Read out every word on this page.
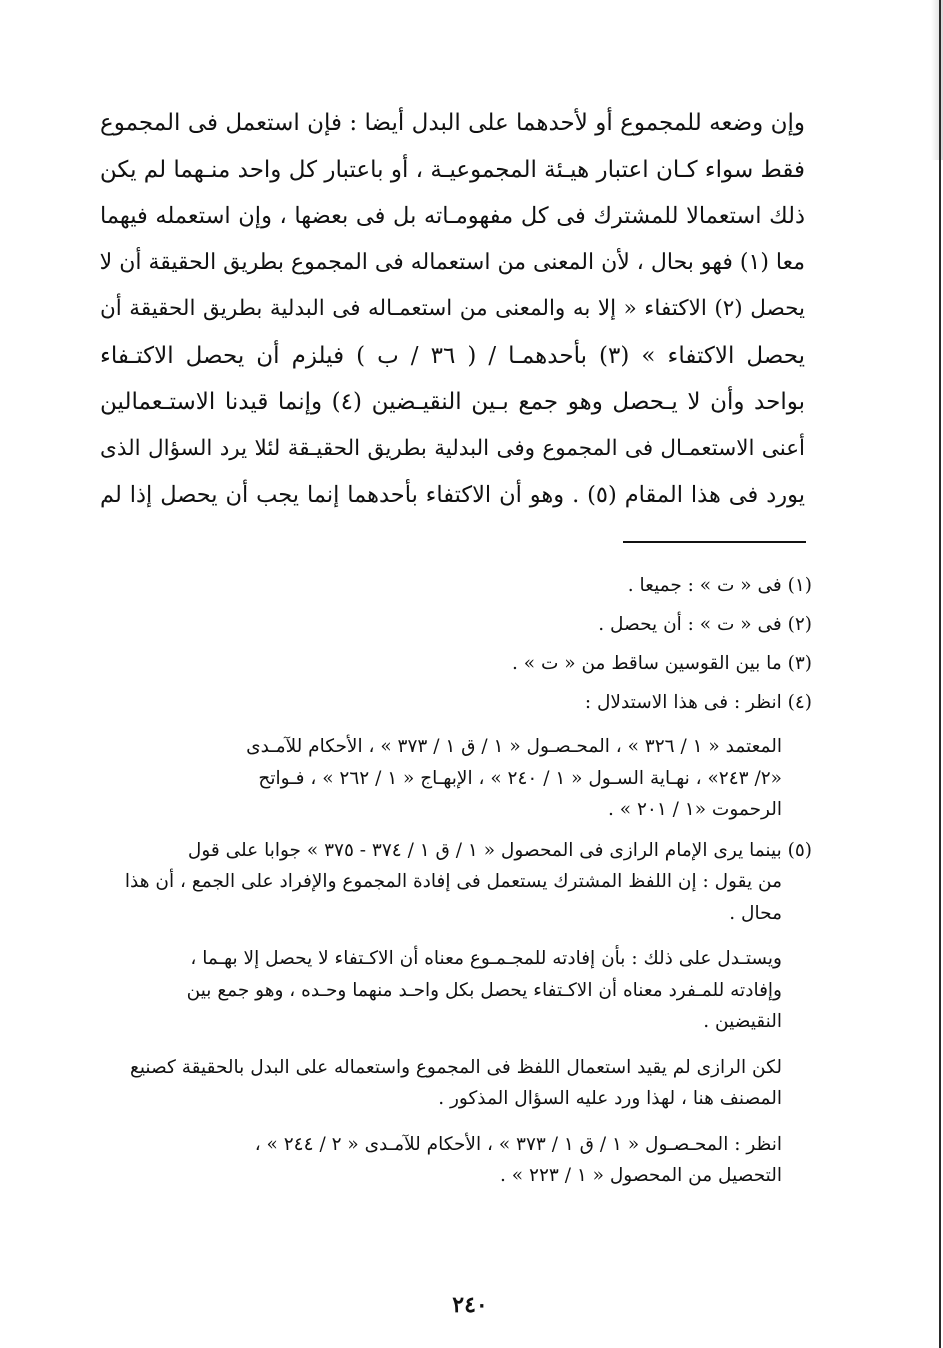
وإن وضعه للمجموع أو لأحدهما على البدل أيضا : فإن استعمل فى المجموع
فقط سواء كـان اعتبار هيـئة المجموعيـة ، أو باعتبار كل واحد منـهما لم يكن
ذلك استعمالا للمشترك فى كل مفهومـاته بل فى بعضها ، وإن استعمله فيهما
معا (١) فهو بحال ، لأن المعنى من استعماله فى المجموع بطريق الحقيقة أن لا
يحصل (٢) الاكتفاء « إلا به والمعنى من استعمـاله فى البدلية بطريق الحقيقة أن
يحصل الاكتفاء » (٣) بأحدهمـا / ( ٣٦ / ب ) فيلزم أن يحصل الاكتـفاء
بواحد وأن لا يـحصل وهو جمع بـين النقيـضين (٤) وإنما قيدنا الاستـعمالين
أعنى الاستعمـال فى المجموع وفى البدلية بطريق الحقيـقة لئلا يرد السؤال الذى
يورد فى هذا المقام (٥) . وهو أن الاكتفاء بأحدهما إنما يجب أن يحصل إذا لم
(١) فى « ت » : جميعا .
(٢) فى « ت » : أن يحصل .
(٣) ما بين القوسين ساقط من « ت » .
(٤) انظر : فى هذا الاستدلال :
المعتمد « ١ / ٣٢٦ » ، المحـصـول « ١ / ق ١ / ٣٧٣ » ، الأحكام للآمـدى
«٢/ ٢٤٣» ، نهـاية السـول « ١ / ٢٤٠ » ، الإبهـاج « ١ / ٢٦٢ » ، فـواتح
الرحموت «١ / ٢٠١ » .
(٥) بينما يرى الإمام الرازى فى المحصول « ١ / ق ١ / ٣٧٤ - ٣٧٥ » جوابا على قول
من يقول : إن اللفظ المشترك يستعمل فى إفادة المجموع والإفراد على الجمع ، أن هذا
محال .
ويستـدل على ذلك : بأن إفادته للمجـمـوع معناه أن الاكـتفاء لا يحصل إلا بهـما ،
وإفادته للمـفرد معناه أن الاكـتفاء يحصل بكل واحـد منهما وحـده ، وهو جمع بين
النقيضين .
لكن الرازى لم يقيد استعمال اللفظ فى المجموع واستعماله على البدل بالحقيقة كصنيع
المصنف هنا ، لهذا ورد عليه السؤال المذكور .
انظر : المحـصـول « ١ / ق ١ / ٣٧٣ » ، الأحكام للآمـدى « ٢ / ٢٤٤ » ،
التحصيل من المحصول « ١ / ٢٢٣ » .
٢٤٠
